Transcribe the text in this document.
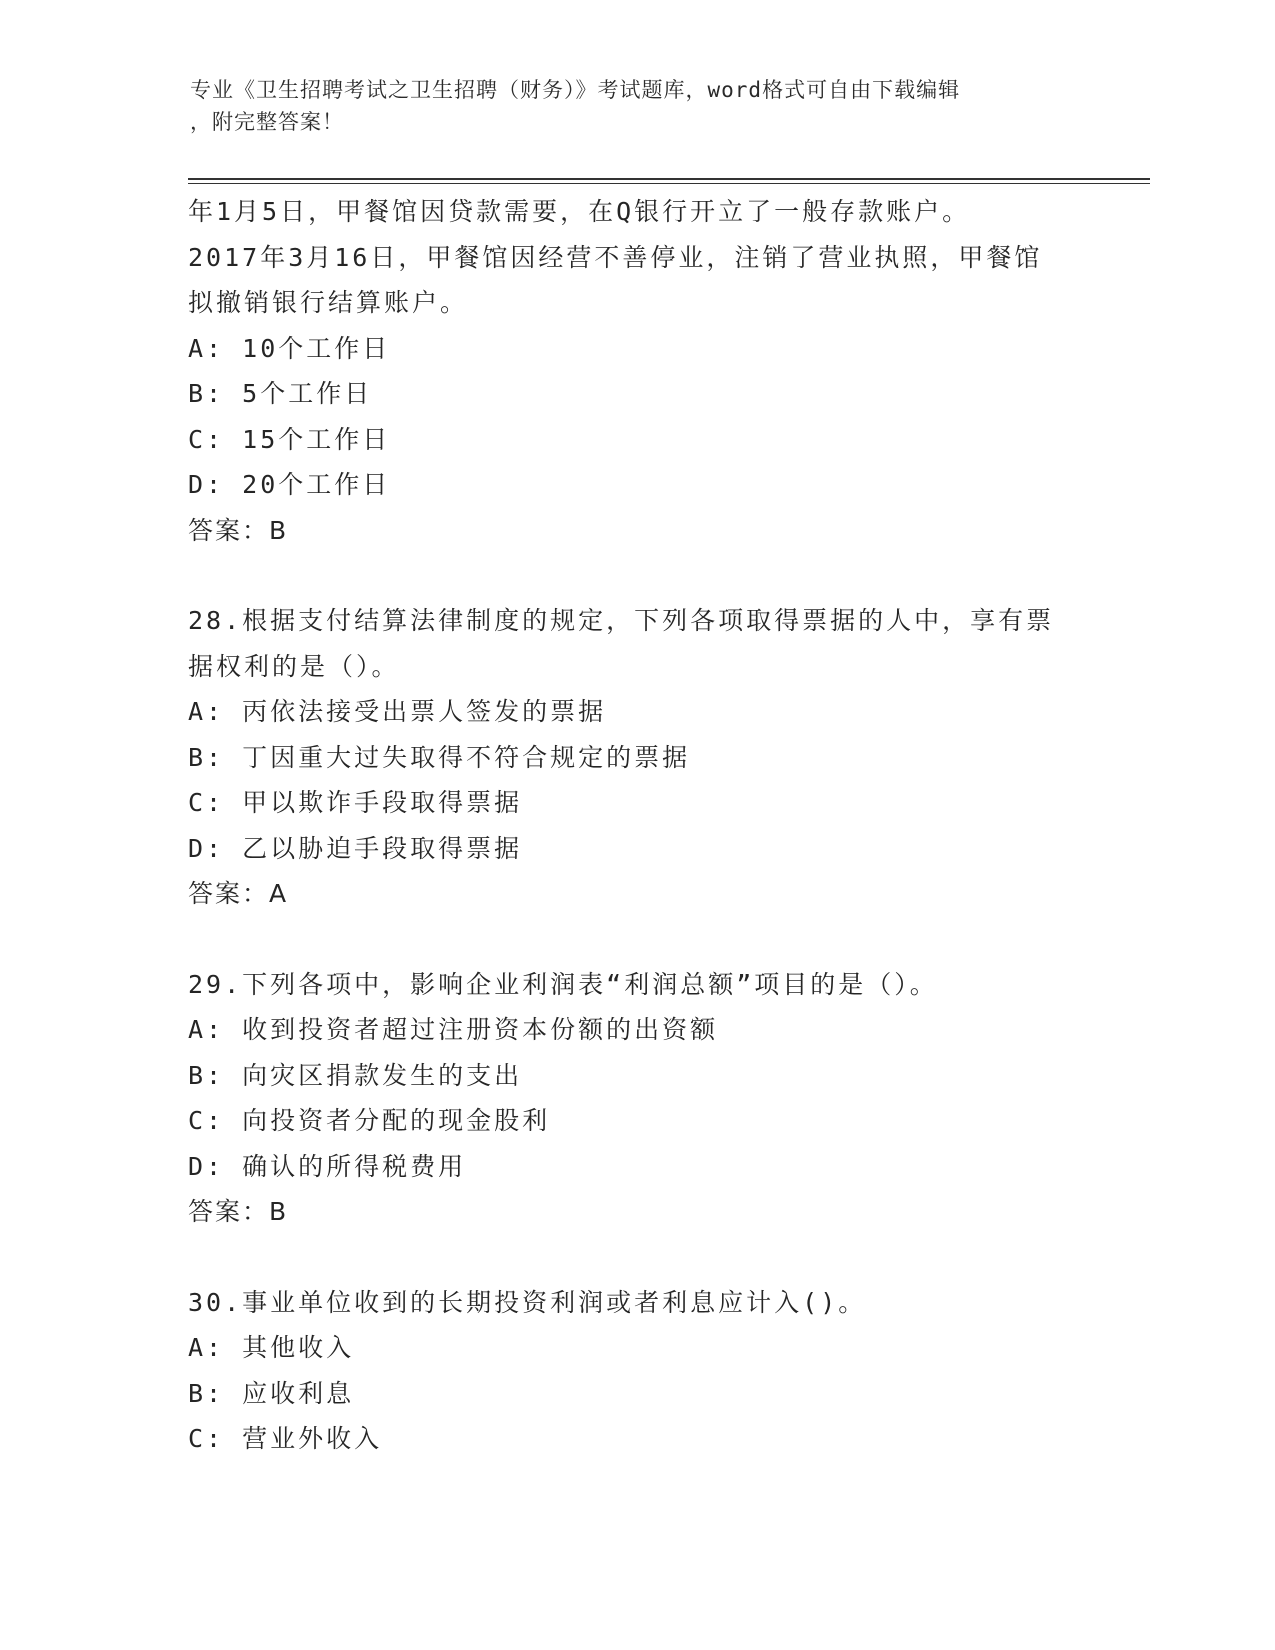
专业《卫生招聘考试之卫生招聘（财务）》考试题库，word格式可自由下载编辑
，附完整答案！
年1月5日，甲餐馆因贷款需要，在Q银行开立了一般存款账户。
2017年3月16日，甲餐馆因经营不善停业，注销了营业执照，甲餐馆
拟撤销银行结算账户。
A: 10个工作日
B: 5个工作日
C: 15个工作日
D: 20个工作日
答案：B
28.根据支付结算法律制度的规定，下列各项取得票据的人中，享有票
据权利的是（）。
A: 丙依法接受出票人签发的票据
B: 丁因重大过失取得不符合规定的票据
C: 甲以欺诈手段取得票据
D: 乙以胁迫手段取得票据
答案：A
29.下列各项中，影响企业利润表“利润总额”项目的是（）。
A: 收到投资者超过注册资本份额的出资额
B: 向灾区捐款发生的支出
C: 向投资者分配的现金股利
D: 确认的所得税费用
答案：B
30.事业单位收到的长期投资利润或者利息应计入()。
A: 其他收入
B: 应收利息
C: 营业外收入
